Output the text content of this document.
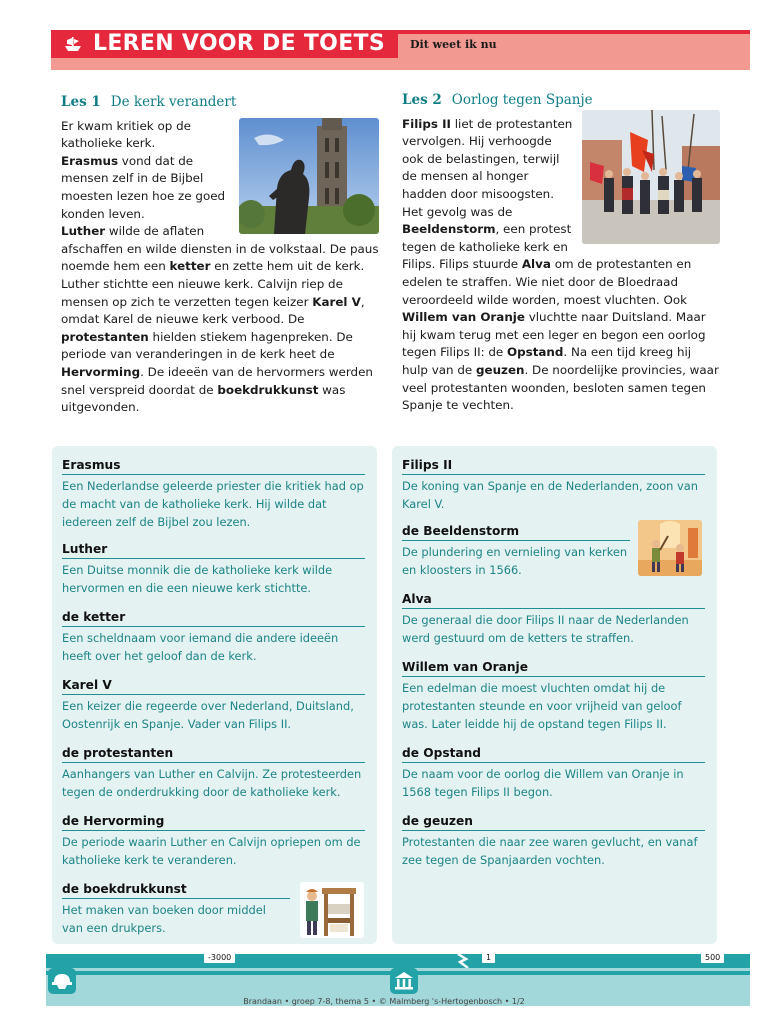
LEREN VOOR DE TOETS	Dit weet ik nu
Les 1 De kerk verandert

Er kwam kritiek op de katholieke kerk.
Erasmus vond dat de mensen zelf in de Bijbel moesten lezen hoe ze goed konden leven.
Luther wilde de aflaten afschaffen en wilde diensten in de volkstaal. De paus noemde hem een ketter en zette hem uit de kerk. Luther stichtte een nieuwe kerk. Calvijn riep de mensen op zich te verzetten tegen keizer Karel V, omdat Karel de nieuwe kerk verbood. De protestanten hielden stiekem hagenpreken. De periode van veranderingen in de kerk heet de Hervorming. De ideeën van de hervormers werden snel verspreid doordat de boekdrukkunst was uitgevonden.

Les 2 Oorlog tegen Spanje

Filips II liet de protestanten vervolgen. Hij verhoogde ook de belastingen, terwijl de mensen al honger hadden door misoogsten. Het gevolg was de Beeldenstorm, een protest tegen de katholieke kerk en Filips. Filips stuurde Alva om de protestanten en edelen te straffen. Wie niet door de Bloedraad veroordeeld wilde worden, moest vluchten. Ook Willem van Oranje vluchtte naar Duitsland. Maar hij kwam terug met een leger en begon een oorlog tegen Filips II: de Opstand. Na een tijd kreeg hij hulp van de geuzen. De noordelijke provincies, waar veel protestanten woonden, besloten samen tegen Spanje te vechten.

Erasmus

Een Nederlandse geleerde priester die kritiek had op de macht van de katholieke kerk. Hij wilde dat iedereen zelf de Bijbel zou lezen.

Luther

Een Duitse monnik die de katholieke kerk wilde hervormen en die een nieuwe kerk stichtte.

de ketter

Een scheldnaam voor iemand die andere ideeën heeft over het geloof dan de kerk.

Karel V

Een keizer die regeerde over Nederland, Duitsland, Oostenrijk en Spanje. Vader van Filips II.

de protestanten

Aanhangers van Luther en Calvijn. Ze protesteerden tegen de onderdrukking door de katholieke kerk.

de Hervorming

De periode waarin Luther en Calvijn opriepen om de katholieke kerk te veranderen.

de boekdrukkunst

Het maken van boeken door middel van een drukpers.

Filips II

De koning van Spanje en de Nederlanden, zoon van Karel V.

de Beeldenstorm

De plundering en vernieling van kerken en kloosters in 1566.

Alva

De generaal die door Filips II naar de Nederlanden werd gestuurd om de ketters te straffen.

Willem van Oranje

Een edelman die moest vluchten omdat hij de protestanten steunde en voor vrijheid van geloof was. Later leidde hij de opstand tegen Filips II.

de Opstand

De naam voor de oorlog die Willem van Oranje in 1568 tegen Filips II begon.

de geuzen

Protestanten die naar zee waren gevlucht, en vanaf zee tegen de Spanjaarden vochten.

-3000	1	500
Brandaan • groep 7-8, thema 5 • © Malmberg 's-Hertogenbosch • 1/2
